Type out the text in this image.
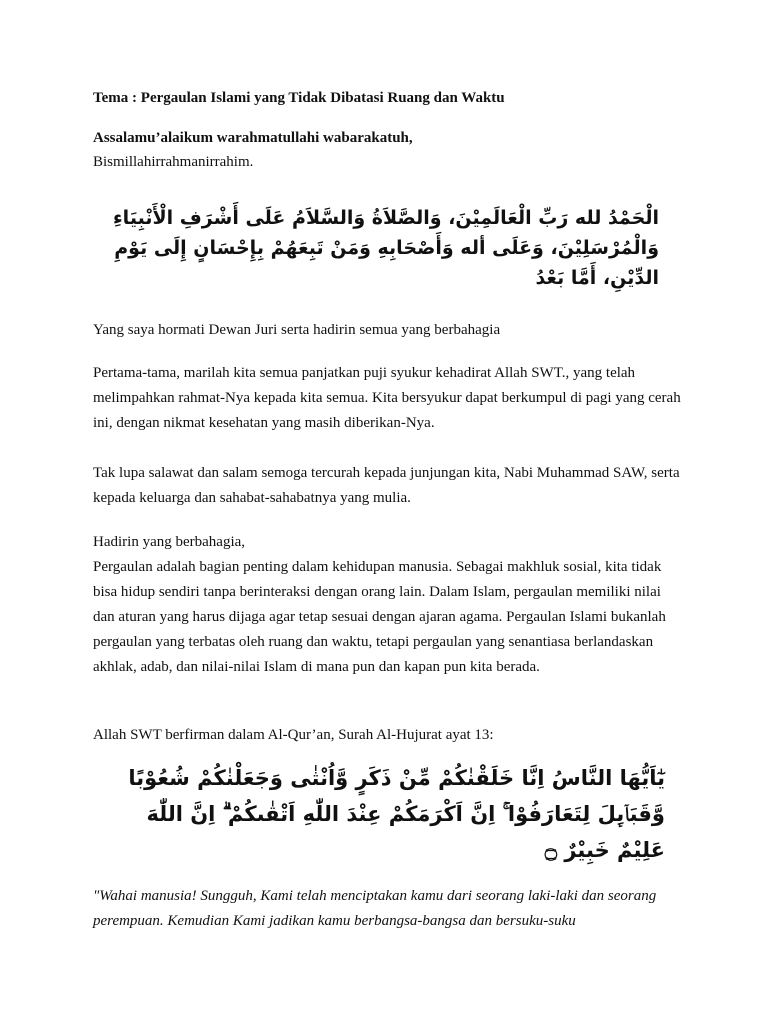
Tema : Pergaulan Islami yang Tidak Dibatasi Ruang dan Waktu

Assalamu’alaikum warahmatullahi wabarakatuh,

Bismillahirrahmanirrahim.

الْحَمْدُ لله رَبِّ الْعَالَمِيْنَ، وَالصَّلاَةُ وَالسَّلاَمُ عَلَى أَشْرَفِ الْأَنْبِيَاءِ وَالْمُرْسَلِيْنَ، وَعَلَى أله وَأَصْحَابِهِ وَمَنْ تَبِعَهُمْ بِإِحْسَانٍ إِلَى يَوْمِ الدِّيْنِ، أَمَّا بَعْدُ

Yang saya hormati Dewan Juri serta hadirin semua yang berbahagia

Pertama-tama, marilah kita semua panjatkan puji syukur kehadirat Allah SWT., yang telah melimpahkan rahmat-Nya kepada kita semua. Kita bersyukur dapat berkumpul di pagi yang cerah ini, dengan nikmat kesehatan yang masih diberikan-Nya.

Tak lupa salawat dan salam semoga tercurah kepada junjungan kita, Nabi Muhammad SAW, serta kepada keluarga dan sahabat-sahabatnya yang mulia.

Hadirin yang berbahagia,

Pergaulan adalah bagian penting dalam kehidupan manusia. Sebagai makhluk sosial, kita tidak bisa hidup sendiri tanpa berinteraksi dengan orang lain. Dalam Islam, pergaulan memiliki nilai dan aturan yang harus dijaga agar tetap sesuai dengan ajaran agama. Pergaulan Islami bukanlah pergaulan yang terbatas oleh ruang dan waktu, tetapi pergaulan yang senantiasa berlandaskan akhlak, adab, dan nilai-nilai Islam di mana pun dan kapan pun kita berada.

Allah SWT berfirman dalam Al-Qur’an, Surah Al-Hujurat ayat 13:

يٰٓاَيُّهَا النَّاسُ اِنَّا خَلَقْنٰكُمْ مِّنْ ذَكَرٍ وَّاُنْثٰى وَجَعَلْنٰكُمْ شُعُوْبًا وَّقَبَاۤىِٕلَ لِتَعَارَفُوْا ۚ اِنَّ اَكْرَمَكُمْ عِنْدَ اللّٰهِ اَتْقٰىكُمْ ۗ اِنَّ اللّٰهَ عَلِيْمٌ خَبِيْرٌ ۝

"Wahai manusia! Sungguh, Kami telah menciptakan kamu dari seorang laki-laki dan seorang perempuan. Kemudian Kami jadikan kamu berbangsa-bangsa dan bersuku-suku
